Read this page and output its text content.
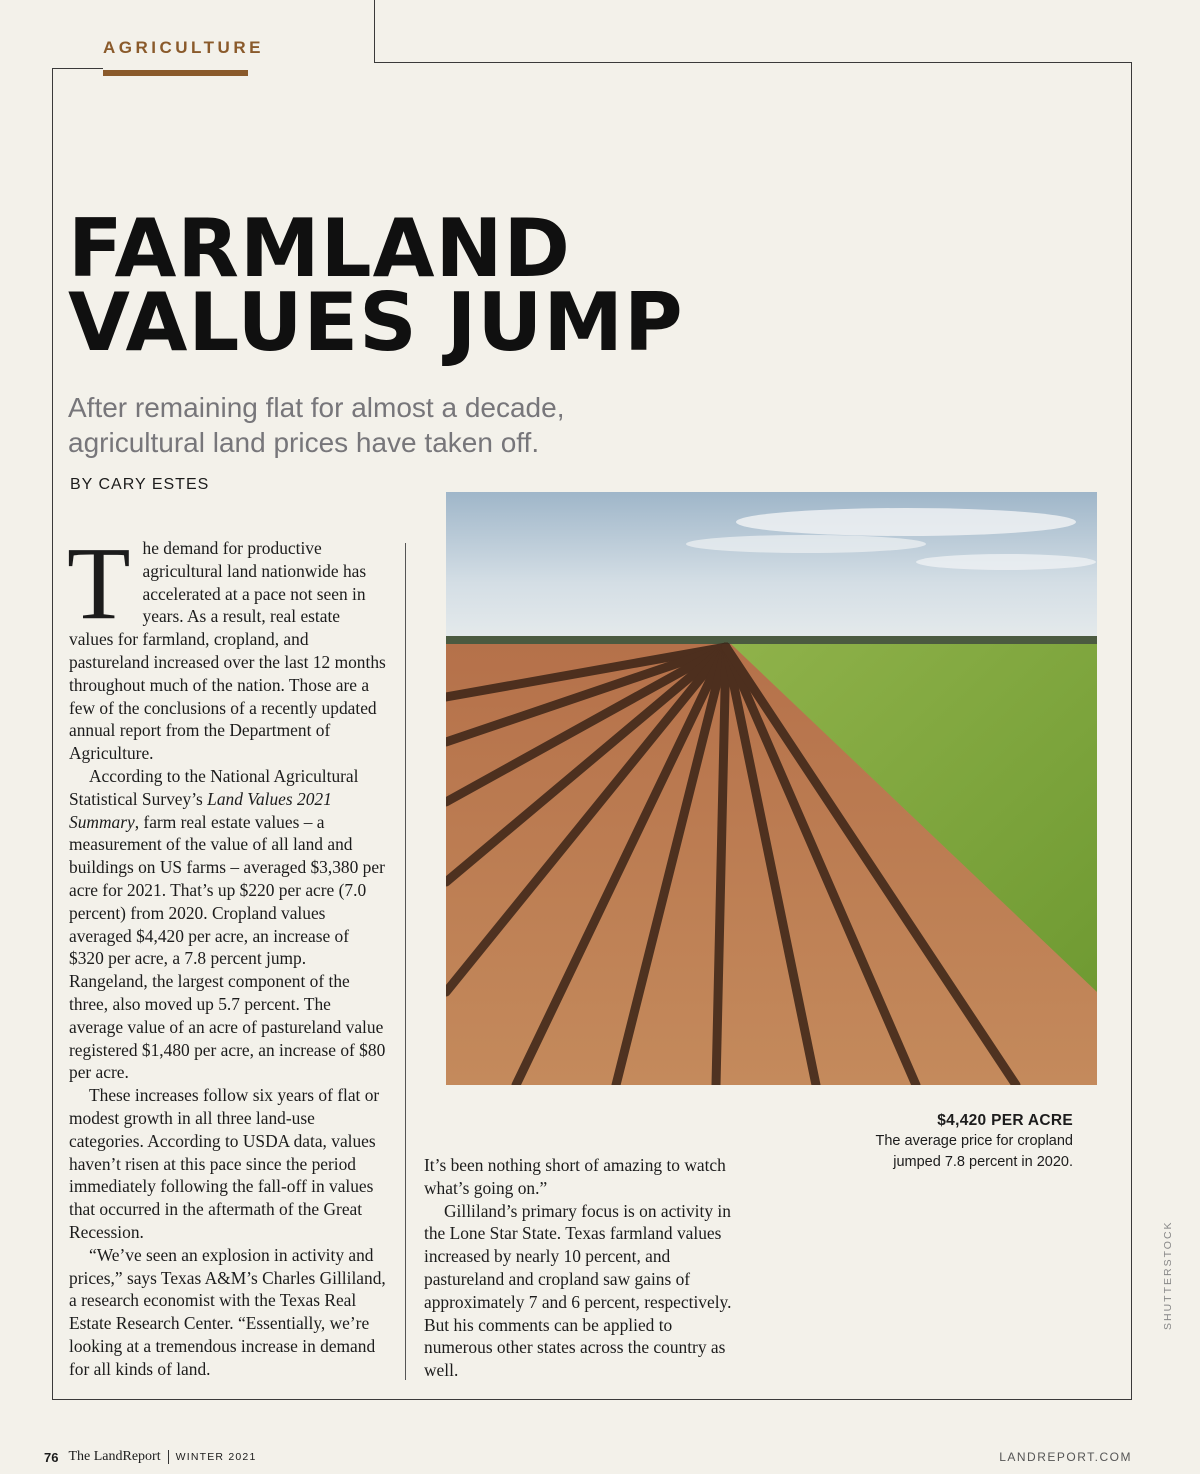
AGRICULTURE
FARMLAND
VALUES JUMP
After remaining flat for almost a decade, agricultural land prices have taken off.
BY CARY ESTES

The demand for productive agricultural land nationwide has accelerated at a pace not seen in years. As a result, real estate values for farmland, cropland, and pastureland increased over the last 12 months throughout much of the nation. Those are a few of the conclusions of a recently updated annual report from the Department of Agriculture.

According to the National Agricultural Statistical Survey’s Land Values 2021 Summary, farm real estate values – a measurement of the value of all land and buildings on US farms – averaged $3,380 per acre for 2021. That’s up $220 per acre (7.0 percent) from 2020. Cropland values averaged $4,420 per acre, an increase of $320 per acre, a 7.8 percent jump. Rangeland, the largest component of the three, also moved up 5.7 percent. The average value of an acre of pastureland value registered $1,480 per acre, an increase of $80 per acre.

These increases follow six years of flat or modest growth in all three land-use categories. According to USDA data, values haven’t risen at this pace since the period immediately following the fall-off in values that occurred in the aftermath of the Great Recession.

“We’ve seen an explosion in activity and prices,” says Texas A&M’s Charles Gilliland, a research economist with the Texas Real Estate Research Center. “Essentially, we’re looking at a tremendous increase in demand for all kinds of land.

$4,420 PER ACRE
The average price for cropland jumped 7.8 percent in 2020.

It’s been nothing short of amazing to watch what’s going on.”

Gilliland’s primary focus is on activity in the Lone Star State. Texas farmland values increased by nearly 10 percent, and pastureland and cropland saw gains of approximately 7 and 6 percent, respectively. But his comments can be applied to numerous other states across the country as well.

SHUTTERSTOCK
76 The LandReport WINTER 2021	LANDREPORT.COM
